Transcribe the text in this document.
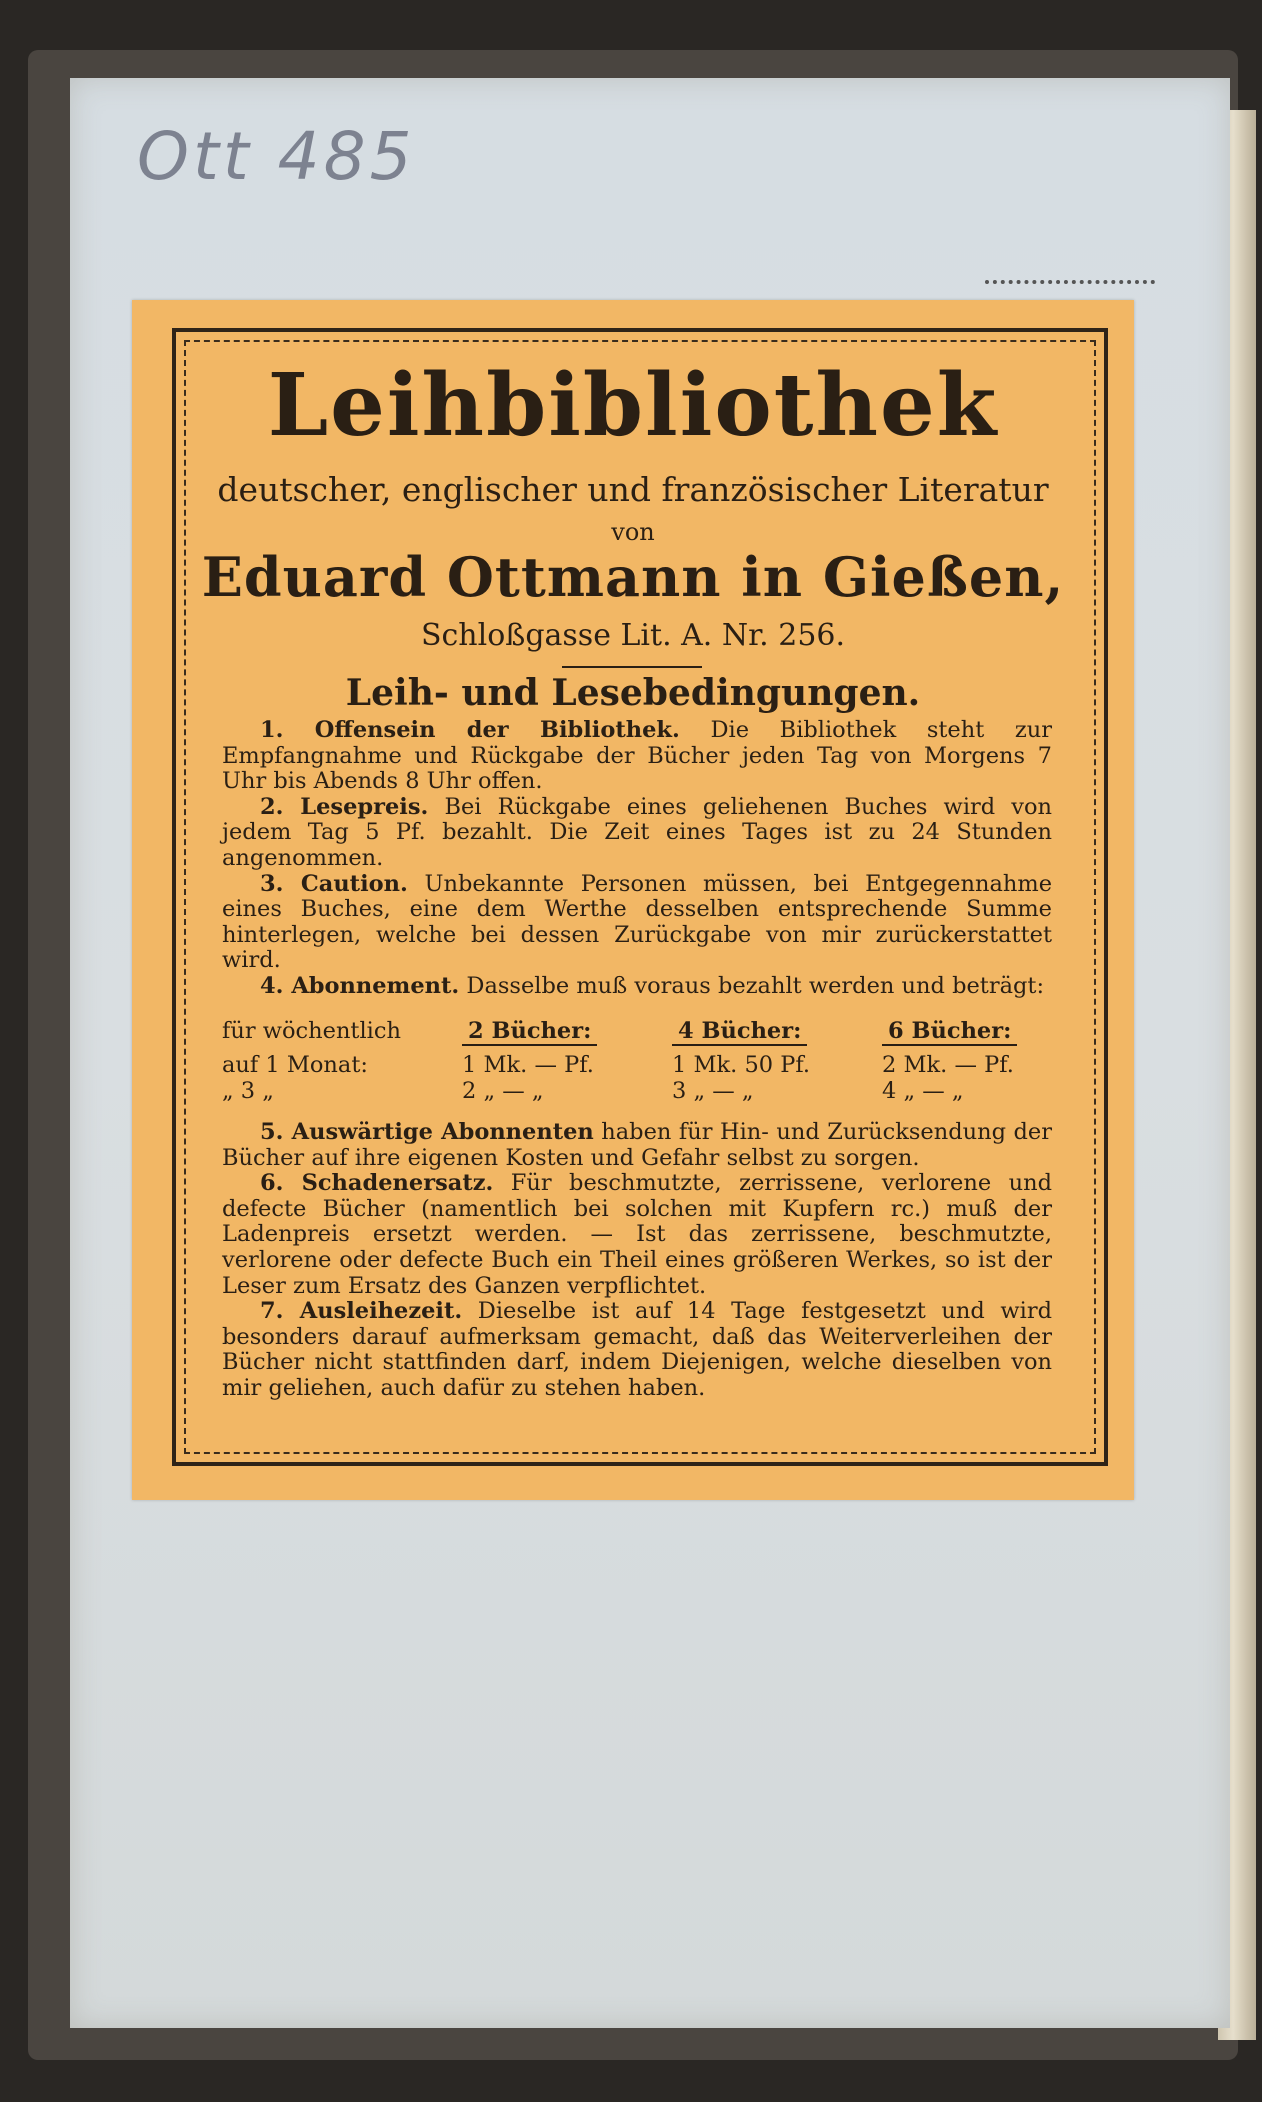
Ott 485
Leihbibliothek
deutscher, englischer und französischer Literatur
von
Eduard Ottmann in Gießen,
Schloßgasse Lit. A. Nr. 256.
Leih- und Lesebedingungen.

1. Offensein der Bibliothek. Die Bibliothek steht zur Empfangnahme und Rückgabe der Bücher jeden Tag von Morgens 7 Uhr bis Abends 8 Uhr offen.

2. Lesepreis. Bei Rückgabe eines geliehenen Buches wird von jedem Tag 5 Pf. bezahlt. Die Zeit eines Tages ist zu 24 Stunden angenommen.

3. Caution. Unbekannte Personen müssen, bei Entgegennahme eines Buches, eine dem Werthe desselben entsprechende Summe hinterlegen, welche bei dessen Zurückgabe von mir zurückerstattet wird.

4. Abonnement. Dasselbe muß voraus bezahlt werden und beträgt:

für wöchentlich	2 Bücher:	4 Bücher:	6 Bücher:
auf 1 Monat:	1 Mk. — Pf.	1 Mk. 50 Pf.	2 Mk. — Pf.
„ 3 „	2 „ — „	3 „ — „	4 „ — „

5. Auswärtige Abonnenten haben für Hin- und Zurücksendung der Bücher auf ihre eigenen Kosten und Gefahr selbst zu sorgen.

6. Schadenersatz. Für beschmutzte, zerrissene, verlorene und defecte Bücher (namentlich bei solchen mit Kupfern rc.) muß der Ladenpreis ersetzt werden. — Ist das zerrissene, beschmutzte, verlorene oder defecte Buch ein Theil eines größeren Werkes, so ist der Leser zum Ersatz des Ganzen verpflichtet.

7. Ausleihezeit. Dieselbe ist auf 14 Tage festgesetzt und wird besonders darauf aufmerksam gemacht, daß das Weiterverleihen der Bücher nicht stattfinden darf, indem Diejenigen, welche dieselben von mir geliehen, auch dafür zu stehen haben.
